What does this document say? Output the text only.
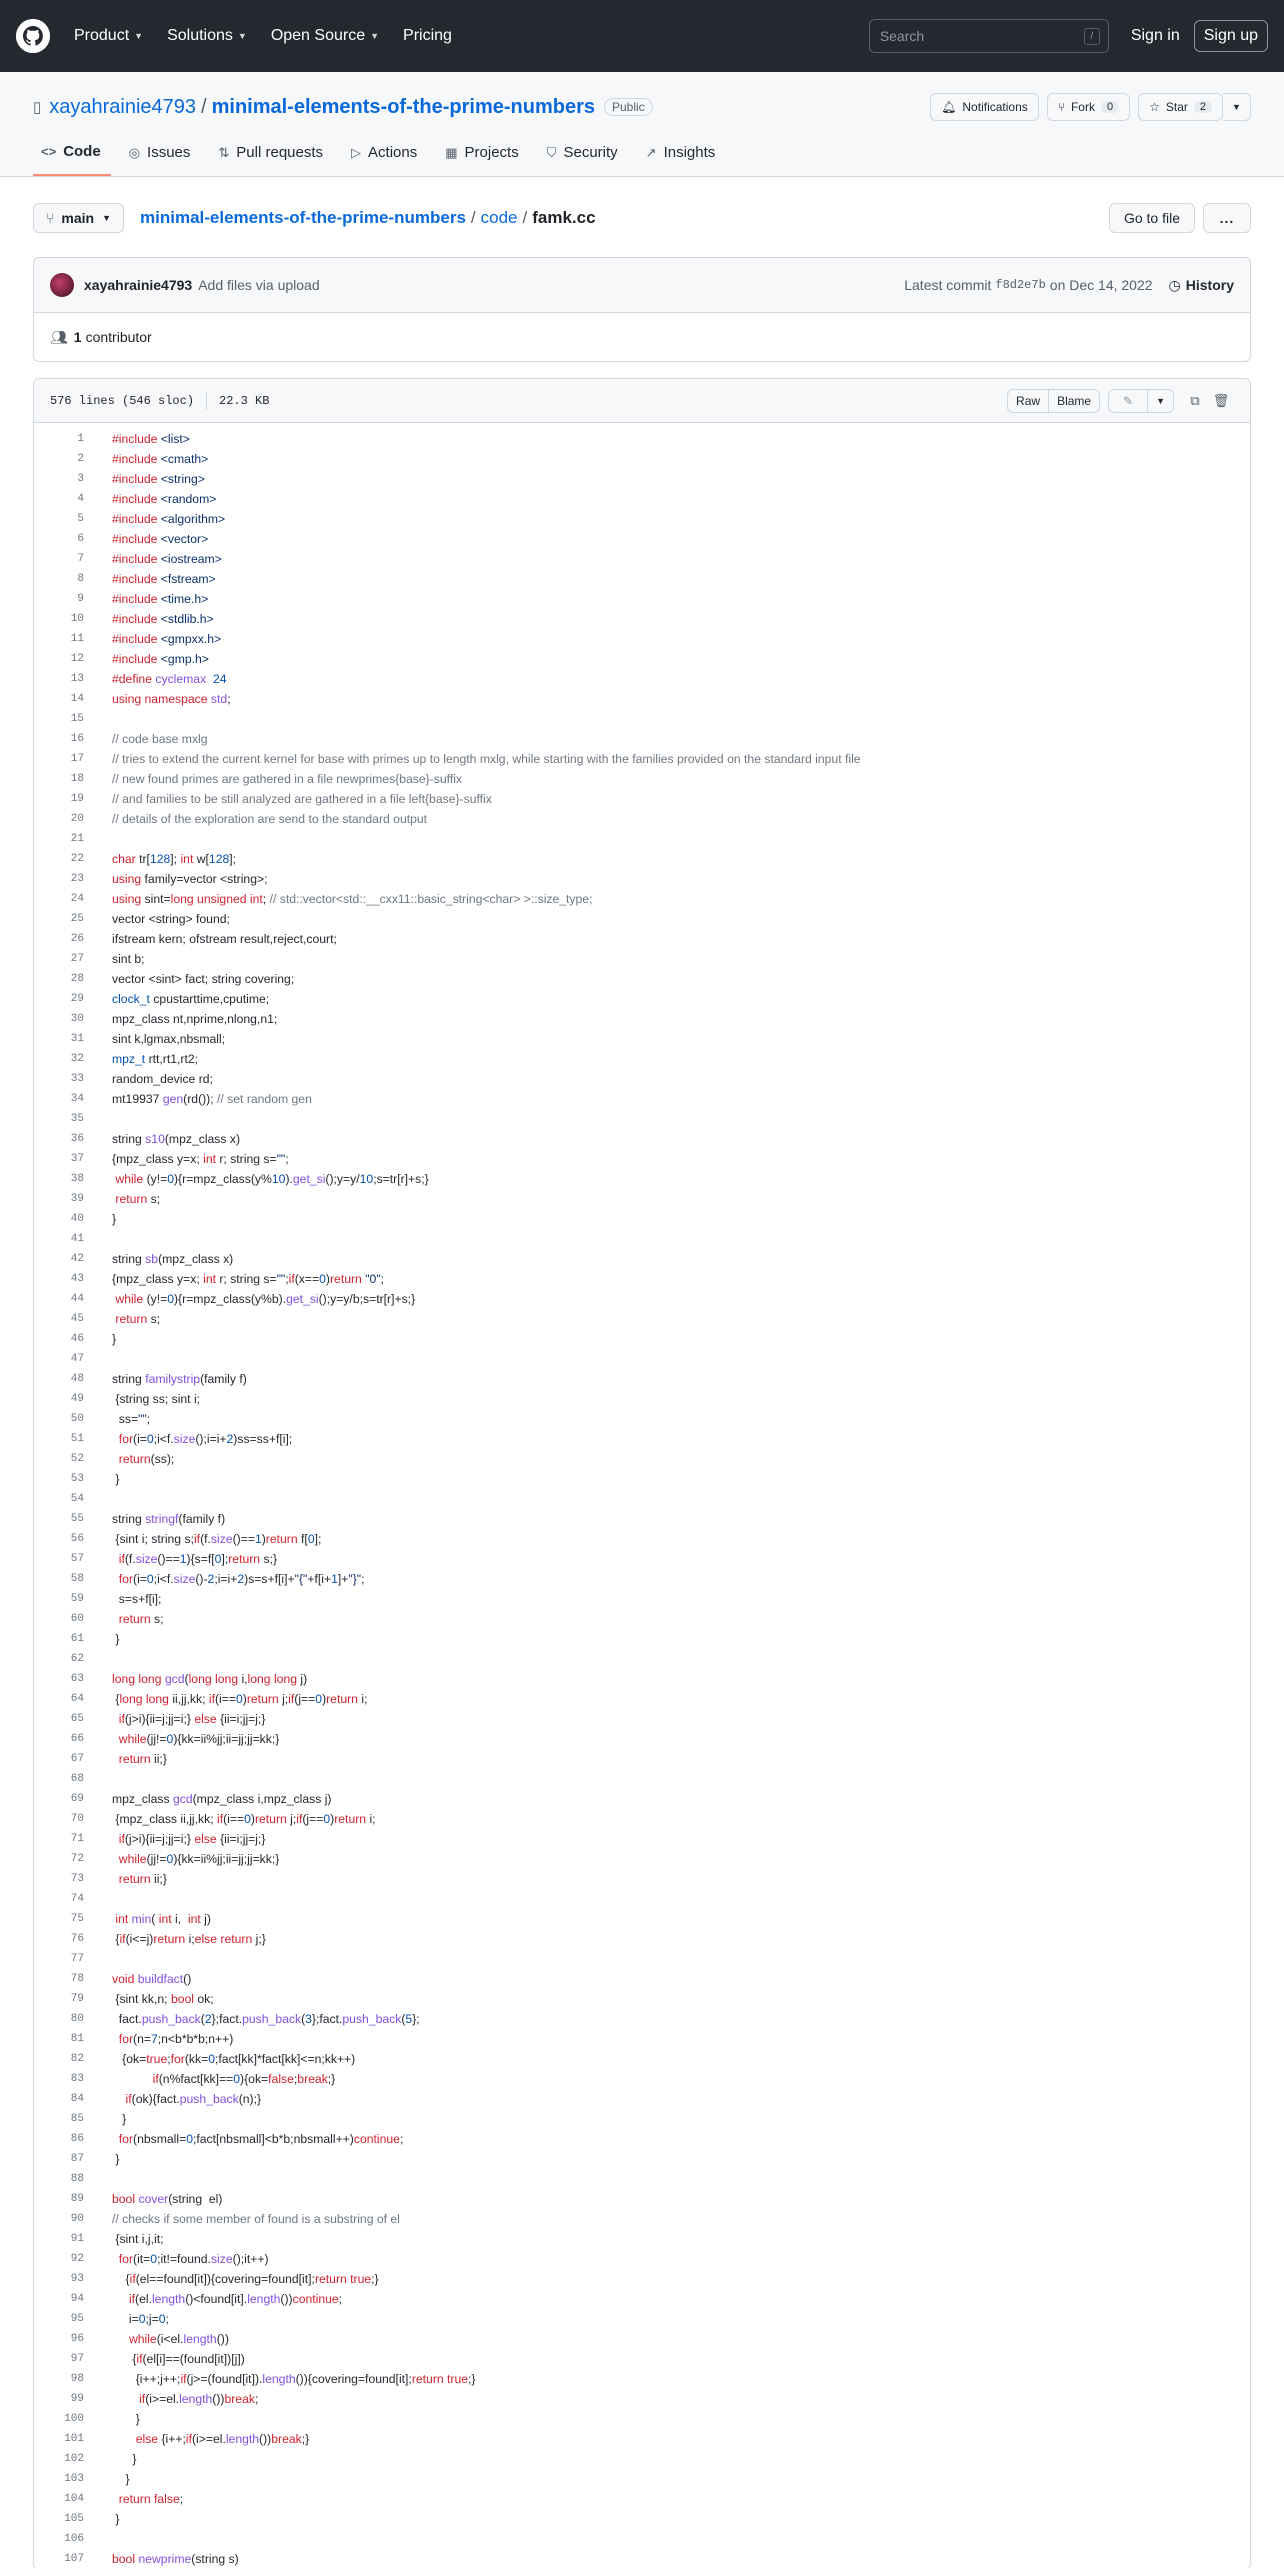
Product ▼ Solutions ▼ Open Source ▼ Pricing	Search	/	Sign in	Sign up
▯ xayahrainie4793 / minimal-elements-of-the-prime-numbers	Public	🔔︎ Notifications	⑂ Fork	0	☆ Star	2	▼
<> Code ◎ Issues ⇅ Pull requests ▷ Actions ▦ Projects ⛉ Security ↗ Insights
⑂ main ▼ minimal-elements-of-the-prime-numbers / code / famk.cc	Go to file	...
xayahrainie4793 Add files via upload	Latest commit f8d2e7b on Dec 14, 2022 ◷ History
👥︎ 1 contributor
576 lines (546 sloc) 22.3 KB	Raw	Blame	✎	▼	⧉	🗑︎
1	#include <list>
2	#include <cmath>
3	#include <string>
4	#include <random>
5	#include <algorithm>
6	#include <vector>
7	#include <iostream>
8	#include <fstream>
9	#include <time.h>
10	#include <stdlib.h>
11	#include <gmpxx.h>
12	#include <gmp.h>
13	#define cyclemax 24
14	using namespace std;
15
16	// code base mxlg
17	// tries to extend the current kernel for base with primes up to length mxlg, while starting with the families provided on the standard input file
18	// new found primes are gathered in a file newprimes{base}-suffix
19	// and families to be still analyzed are gathered in a file left{base}-suffix
20	// details of the exploration are send to the standard output
21
22	char tr[128]; int w[128];
23	using family=vector <string>;
24	using sint=long unsigned int; // std::vector<std::__cxx11::basic_string<char> >::size_type;
25	vector <string> found;
26	ifstream kern; ofstream result,reject,court;
27	sint b;
28	vector <sint> fact; string covering;
29	clock_t cpustarttime,cputime;
30	mpz_class nt,nprime,nlong,n1;
31	sint k,lgmax,nbsmall;
32	mpz_t rtt,rt1,rt2;
33	random_device rd;
34	mt19937 gen(rd()); // set random gen
35
36	string s10(mpz_class x)
37	{mpz_class y=x; int r; string s="";
38	while (y!=0){r=mpz_class(y%10).get_si();y=y/10;s=tr[r]+s;}
39	return s;
40	}
41
42	string sb(mpz_class x)
43	{mpz_class y=x; int r; string s="";if(x==0)return "0";
44	while (y!=0){r=mpz_class(y%b).get_si();y=y/b;s=tr[r]+s;}
45	return s;
46	}
47
48	string familystrip(family f)
49	{string ss; sint i;
50	ss="";
51	for(i=0;i<f.size();i=i+2)ss=ss+f[i];
52	return(ss);
53	}
54
55	string stringf(family f)
56	{sint i; string s;if(f.size()==1)return f[0];
57	if(f.size()==1){s=f[0];return s;}
58	for(i=0;i<f.size()-2;i=i+2)s=s+f[i]+"{"+f[i+1]+"}";
59	s=s+f[i];
60	return s;
61	}
62
63	long long gcd(long long i,long long j)
64	{long long ii,jj,kk; if(i==0)return j;if(j==0)return i;
65	if(j>i){ii=j;jj=i;} else {ii=i;jj=j;}
66	while(jj!=0){kk=ii%jj;ii=jj;jj=kk;}
67	return ii;}
68
69	mpz_class gcd(mpz_class i,mpz_class j)
70	{mpz_class ii,jj,kk; if(i==0)return j;if(j==0)return i;
71	if(j>i){ii=j;jj=i;} else {ii=i;jj=j;}
72	while(jj!=0){kk=ii%jj;ii=jj;jj=kk;}
73	return ii;}
74
75	int min( int i,  int j)
76	{if(i<=j)return i;else return j;}
77
78	void buildfact()
79	{sint kk,n; bool ok;
80	fact.push_back(2};fact.push_back(3};fact.push_back(5};
81	for(n=7;n<b*b*b;n++)
82	{ok=true;for(kk=0;fact[kk]*fact[kk]<=n;kk++)
83	if(n%fact[kk]==0){ok=false;break;}
84	if(ok){fact.push_back(n);}
85	}
86	for(nbsmall=0;fact[nbsmall]<b*b;nbsmall++)continue;
87	}
88
89	bool cover(string  el)
90	// checks if some member of found is a substring of el
91	{sint i,j,it;
92	for(it=0;it!=found.size();it++)
93	{if(el==found[it]){covering=found[it];return true;}
94	if(el.length()<found[it].length())continue;
95	i=0;j=0;
96	while(i<el.length())
97	{if(el[i]==(found[it])[j])
98	{i++;j++;if(j>=(found[it]).length()){covering=found[it];return true;}
99	if(i>=el.length())break;
100	}
101	else {i++;if(i>=el.length())break;}
102	}
103	}
104	return false;
105	}
106
107	bool newprime(string s)
